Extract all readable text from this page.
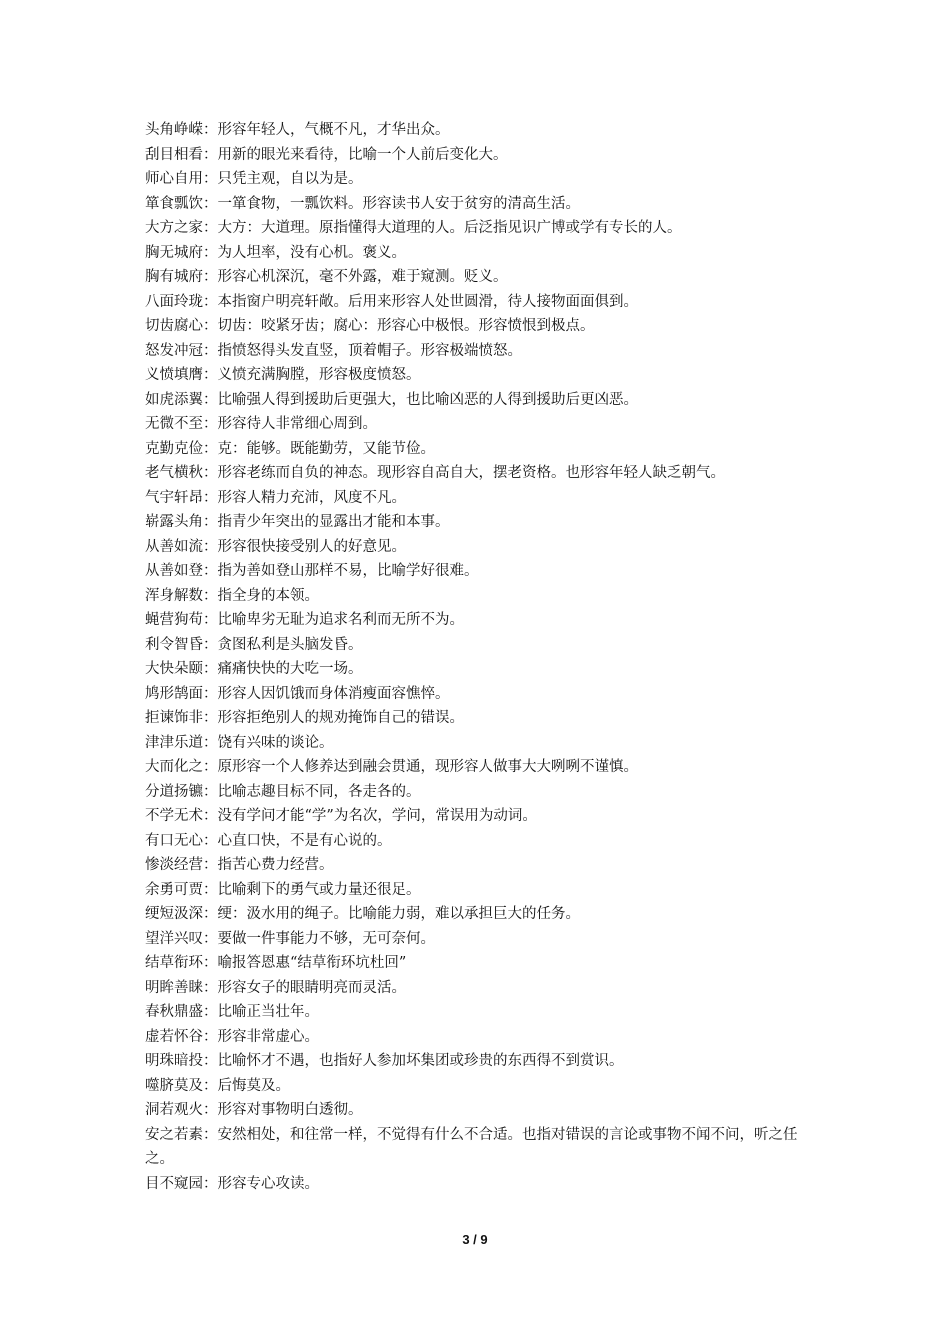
头角峥嵘：形容年轻人，气概不凡，才华出众。
刮目相看：用新的眼光来看待，比喻一个人前后变化大。
师心自用：只凭主观，自以为是。
箪食瓢饮：一箪食物，一瓢饮料。形容读书人安于贫穷的清高生活。
大方之家：大方：大道理。原指懂得大道理的人。后泛指见识广博或学有专长的人。
胸无城府：为人坦率，没有心机。褒义。
胸有城府：形容心机深沉，毫不外露，难于窥测。贬义。
八面玲珑：本指窗户明亮轩敞。后用来形容人处世圆滑，待人接物面面俱到。
切齿腐心：切齿：咬紧牙齿；腐心：形容心中极恨。形容愤恨到极点。
怒发冲冠：指愤怒得头发直竖，顶着帽子。形容极端愤怒。
义愤填膺：义愤充满胸膛，形容极度愤怒。
如虎添翼：比喻强人得到援助后更强大，也比喻凶恶的人得到援助后更凶恶。
无微不至：形容待人非常细心周到。
克勤克俭：克：能够。既能勤劳，又能节俭。
老气横秋：形容老练而自负的神态。现形容自高自大，摆老资格。也形容年轻人缺乏朝气。
气宇轩昂：形容人精力充沛，风度不凡。
崭露头角：指青少年突出的显露出才能和本事。
从善如流：形容很快接受别人的好意见。
从善如登：指为善如登山那样不易，比喻学好很难。
浑身解数：指全身的本领。
蝇营狗苟：比喻卑劣无耻为追求名利而无所不为。
利令智昏：贪图私利是头脑发昏。
大快朵颐：痛痛快快的大吃一场。
鸠形鹄面：形容人因饥饿而身体消瘦面容憔悴。
拒谏饰非：形容拒绝别人的规劝掩饰自己的错误。
津津乐道：饶有兴味的谈论。
大而化之：原形容一个人修养达到融会贯通，现形容人做事大大咧咧不谨慎。
分道扬镳：比喻志趣目标不同，各走各的。
不学无术：没有学问才能“学”为名次，学问，常误用为动词。
有口无心：心直口快，不是有心说的。
惨淡经营：指苦心费力经营。
余勇可贾：比喻剩下的勇气或力量还很足。
绠短汲深：绠：汲水用的绳子。比喻能力弱，难以承担巨大的任务。
望洋兴叹：要做一件事能力不够，无可奈何。
结草衔环：喻报答恩惠“结草衔环坑杜回”
明眸善睐：形容女子的眼睛明亮而灵活。
春秋鼎盛：比喻正当壮年。
虚若怀谷：形容非常虚心。
明珠暗投：比喻怀才不遇，也指好人参加坏集团或珍贵的东西得不到赏识。
噬脐莫及：后悔莫及。
洞若观火：形容对事物明白透彻。
安之若素：安然相处，和往常一样，不觉得有什么不合适。也指对错误的言论或事物不闻不问，听之任之。
目不窥园：形容专心攻读。
3 / 9
